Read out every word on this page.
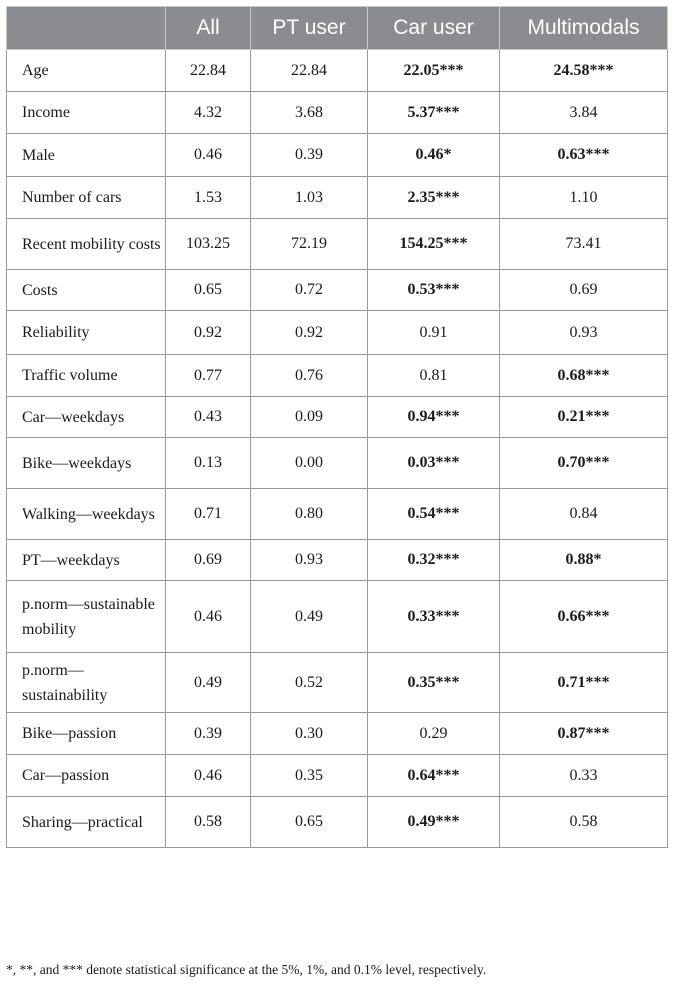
	All	PT user	Car user	Multimodals
Age	22.84	22.84	22.05***	24.58***
Income	4.32	3.68	5.37***	3.84
Male	0.46	0.39	0.46*	0.63***
Number of cars	1.53	1.03	2.35***	1.10
Recent mobility costs	103.25	72.19	154.25***	73.41
Costs	0.65	0.72	0.53***	0.69
Reliability	0.92	0.92	0.91	0.93
Traffic volume	0.77	0.76	0.81	0.68***
Car—weekdays	0.43	0.09	0.94***	0.21***
Bike—weekdays	0.13	0.00	0.03***	0.70***
Walking—weekdays	0.71	0.80	0.54***	0.84
PT—weekdays	0.69	0.93	0.32***	0.88*
p.norm—sustainable mobility	0.46	0.49	0.33***	0.66***
p.norm—sustainability	0.49	0.52	0.35***	0.71***
Bike—passion	0.39	0.30	0.29	0.87***
Car—passion	0.46	0.35	0.64***	0.33
Sharing—practical	0.58	0.65	0.49***	0.58
*, **, and *** denote statistical significance at the 5%, 1%, and 0.1% level, respectively.
